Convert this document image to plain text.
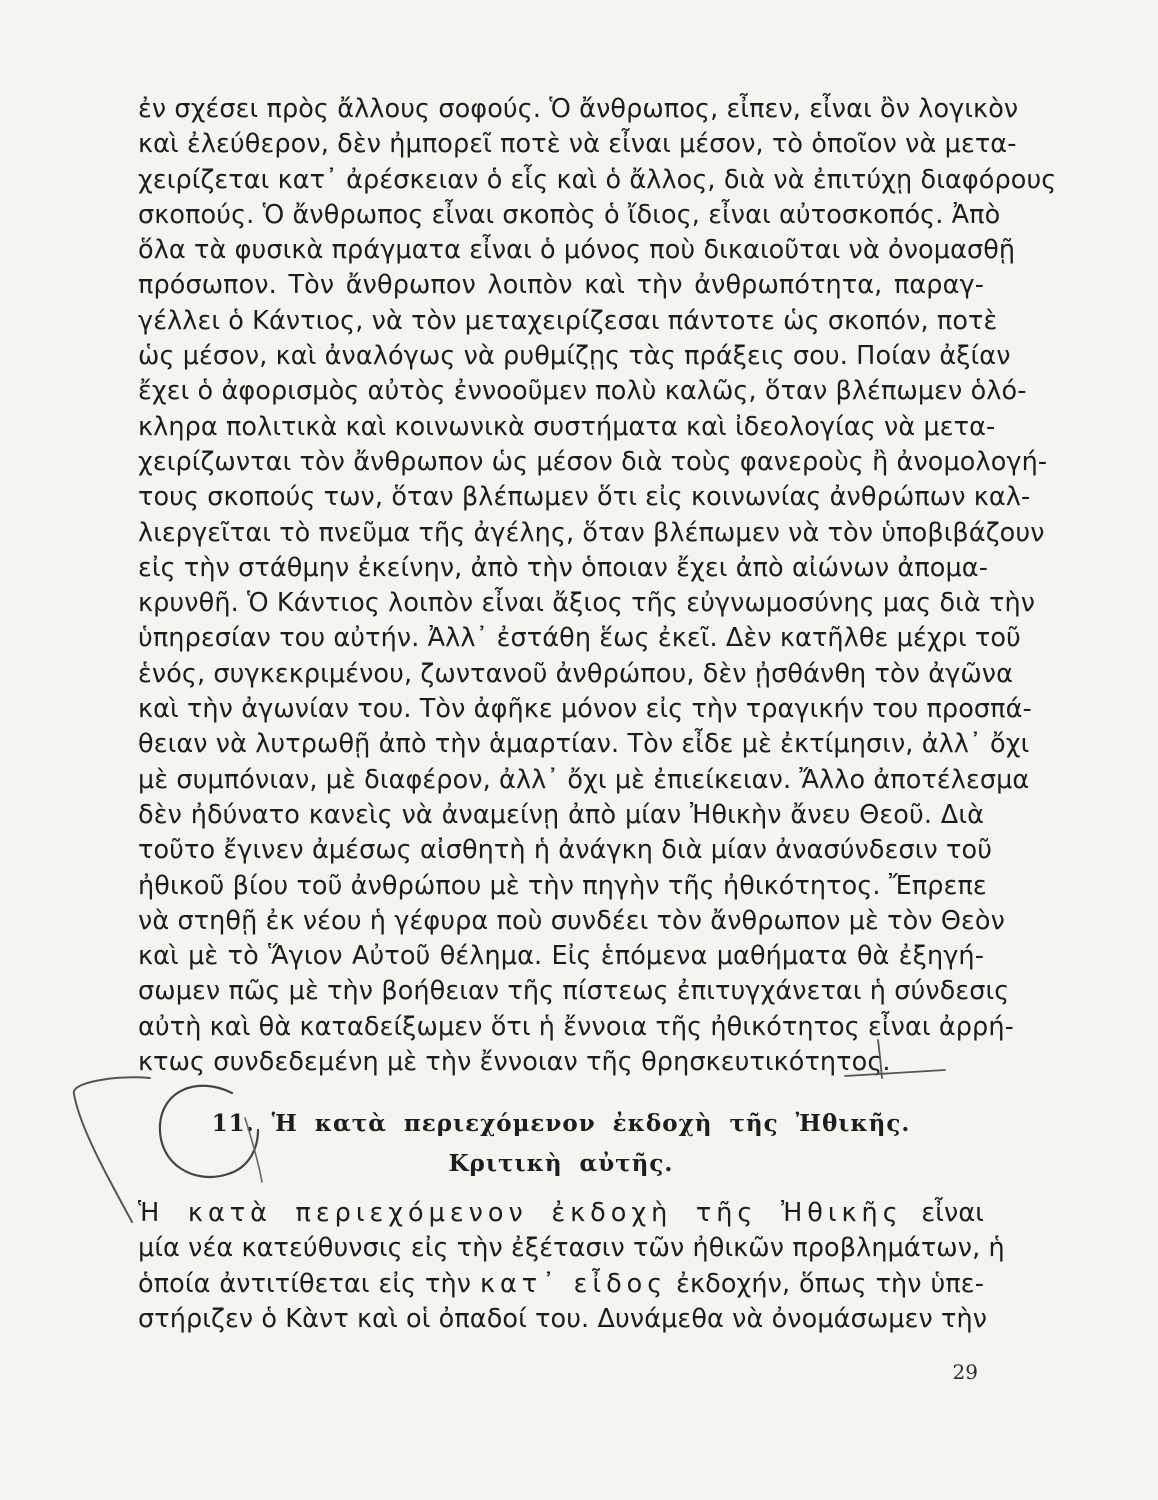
ἐν σχέσει πρὸς ἄλλους σοφούς. Ὁ ἄνθρωπος, εἶπεν, εἶναι ὂν λογικὸν
καὶ ἐλεύθερον, δὲν ἠμπορεῖ ποτὲ νὰ εἶναι μέσον, τὸ ὁποῖον νὰ μετα-
χειρίζεται κατ᾽ ἀρέσκειαν ὁ εἷς καὶ ὁ ἄλλος, διὰ νὰ ἐπιτύχῃ διαφόρους
σκοπούς. Ὁ ἄνθρωπος εἶναι σκοπὸς ὁ ἴδιος, εἶναι αὐτοσκοπός. Ἀπὸ
ὅλα τὰ φυσικὰ πράγματα εἶναι ὁ μόνος ποὺ δικαιοῦται νὰ ὀνομασθῇ
πρόσωπον. Τὸν ἄνθρωπον λοιπὸν καὶ τὴν ἀνθρωπότητα, παραγ-
γέλλει ὁ Κάντιος, νὰ τὸν μεταχειρίζεσαι πάντοτε ὡς σκοπόν, ποτὲ
ὡς μέσον, καὶ ἀναλόγως νὰ ρυθμίζῃς τὰς πράξεις σου. Ποίαν ἀξίαν
ἔχει ὁ ἀφορισμὸς αὐτὸς ἐννοοῦμεν πολὺ καλῶς, ὅταν βλέπωμεν ὁλό-
κληρα πολιτικὰ καὶ κοινωνικὰ συστήματα καὶ ἰδεολογίας νὰ μετα-
χειρίζωνται τὸν ἄνθρωπον ὡς μέσον διὰ τοὺς φανεροὺς ἢ ἀνομολογή-
τους σκοπούς των, ὅταν βλέπωμεν ὅτι εἰς κοινωνίας ἀνθρώπων καλ-
λιεργεῖται τὸ πνεῦμα τῆς ἀγέλης, ὅταν βλέπωμεν νὰ τὸν ὑποβιβάζουν
εἰς τὴν στάθμην ἐκείνην, ἀπὸ τὴν ὁποιαν ἔχει ἀπὸ αἰώνων ἀπομα-
κρυνθῆ. Ὁ Κάντιος λοιπὸν εἶναι ἄξιος τῆς εὐγνωμοσύνης μας διὰ τὴν
ὑπηρεσίαν του αὐτήν. Ἀλλ᾽ ἐστάθη ἕως ἐκεῖ. Δὲν κατῆλθε μέχρι τοῦ
ἑνός, συγκεκριμένου, ζωντανοῦ ἀνθρώπου, δὲν ᾐσθάνθη τὸν ἀγῶνα
καὶ τὴν ἀγωνίαν του. Τὸν ἀφῆκε μόνον εἰς τὴν τραγικήν του προσπά-
θειαν νὰ λυτρωθῇ ἀπὸ τὴν ἁμαρτίαν. Τὸν εἶδε μὲ ἐκτίμησιν, ἀλλ᾽ ὄχι
μὲ συμπόνιαν, μὲ διαφέρον, ἀλλ᾽ ὄχι μὲ ἐπιείκειαν. Ἄλλο ἀποτέλεσμα
δὲν ἠδύνατο κανεὶς νὰ ἀναμείνῃ ἀπὸ μίαν Ἠθικὴν ἄνευ Θεοῦ. Διὰ
τοῦτο ἔγινεν ἀμέσως αἰσθητὴ ἡ ἀνάγκη διὰ μίαν ἀνασύνδεσιν τοῦ
ἠθικοῦ βίου τοῦ ἀνθρώπου μὲ τὴν πηγὴν τῆς ἠθικότητος. Ἔπρεπε
νὰ στηθῇ ἐκ νέου ἡ γέφυρα ποὺ συνδέει τὸν ἄνθρωπον μὲ τὸν Θεὸν
καὶ μὲ τὸ Ἅγιον Αὐτοῦ θέλημα. Εἰς ἑπόμενα μαθήματα θὰ ἐξηγή-
σωμεν πῶς μὲ τὴν βοήθειαν τῆς πίστεως ἐπιτυγχάνεται ἡ σύνδεσις
αὐτὴ καὶ θὰ καταδείξωμεν ὅτι ἡ ἔννοια τῆς ἠθικότητος εἶναι ἀρρή-
κτως συνδεδεμένη μὲ τὴν ἔννοιαν τῆς θρησκευτικότητος.
11. Ἡ κατὰ περιεχόμενον ἐκδοχὴ τῆς Ἠθικῆς.
Κριτικὴ αὐτῆς.
Ἡ κατὰ περιεχόμενον ἐκδοχὴ τῆς Ἠθικῆς εἶναι
μία νέα κατεύθυνσις εἰς τὴν ἐξέτασιν τῶν ἠθικῶν προβλημάτων, ἡ
ὁποία ἀντιτίθεται εἰς τὴν κατ᾽ εἶδος ἐκδοχήν, ὅπως τὴν ὑπε-
στήριζεν ὁ Κὰντ καὶ οἱ ὀπαδοί του. Δυνάμεθα νὰ ὀνομάσωμεν τὴν
29
